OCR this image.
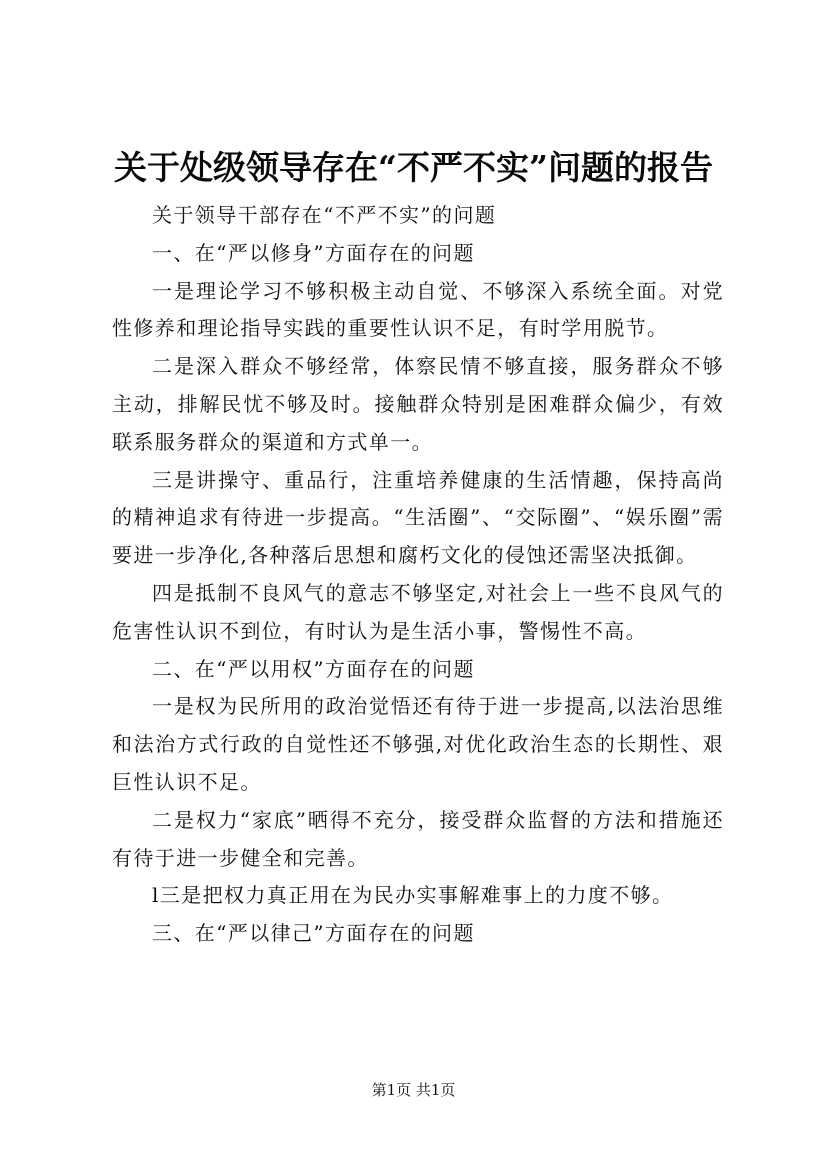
关于处级领导存在“不严不实”问题的报告

关于领导干部存在“不严不实”的问题

一、在“严以修身”方面存在的问题

一是理论学习不够积极主动自觉、不够深入系统全面。对党性修养和理论指导实践的重要性认识不足，有时学用脱节。

二是深入群众不够经常，体察民情不够直接，服务群众不够主动，排解民忧不够及时。接触群众特别是困难群众偏少，有效联系服务群众的渠道和方式单一。

三是讲操守、重品行，注重培养健康的生活情趣，保持高尚的精神追求有待进一步提高。“生活圈”、“交际圈”、“娱乐圈”需要进一步净化,各种落后思想和腐朽文化的侵蚀还需坚决抵御。

四是抵制不良风气的意志不够坚定,对社会上一些不良风气的危害性认识不到位，有时认为是生活小事，警惕性不高。

二、在“严以用权”方面存在的问题

一是权为民所用的政治觉悟还有待于进一步提高,以法治思维和法治方式行政的自觉性还不够强,对优化政治生态的长期性、艰巨性认识不足。

二是权力“家底”晒得不充分，接受群众监督的方法和措施还有待于进一步健全和完善。

l三是把权力真正用在为民办实事解难事上的力度不够。

三、在“严以律己”方面存在的问题

第1页 共1页
